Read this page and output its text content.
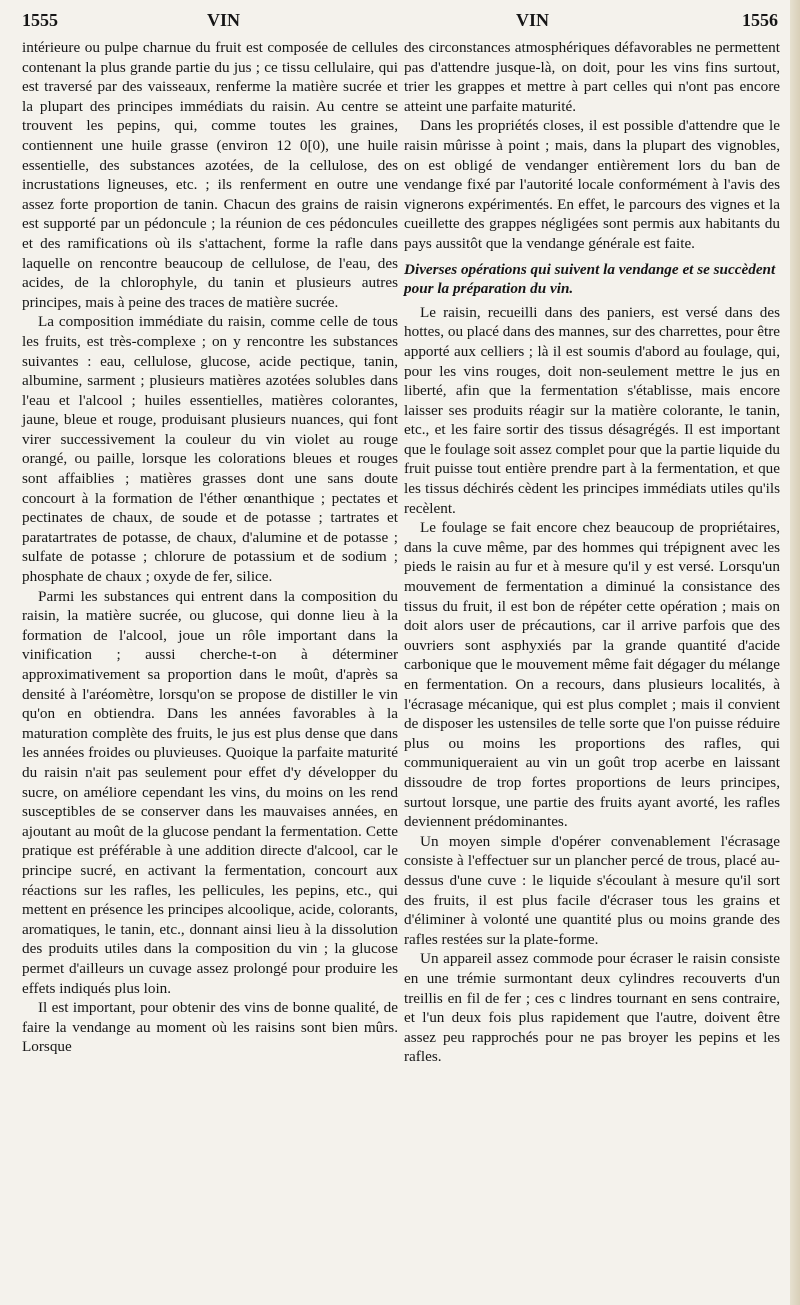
1555	VIN	VIN	1556

intérieure ou pulpe charnue du fruit est composée de cellules contenant la plus grande partie du jus ; ce tissu cellulaire, qui est traversé par des vaisseaux, renferme la matière sucrée et la plupart des principes immédiats du raisin. Au centre se trouvent les pepins, qui, comme toutes les graines, contiennent une huile grasse (environ 12 0[0), une huile essentielle, des substances azotées, de la cellulose, des incrustations ligneuses, etc. ; ils renferment en outre une assez forte proportion de tanin. Chacun des grains de raisin est supporté par un pédoncule ; la réunion de ces pédoncules et des ramifications où ils s'attachent, forme la rafle dans laquelle on rencontre beaucoup de cellulose, de l'eau, des acides, de la chlorophyle, du tanin et plusieurs autres principes, mais à peine des traces de matière sucrée.

La composition immédiate du raisin, comme celle de tous les fruits, est très-complexe ; on y rencontre les substances suivantes : eau, cellulose, glucose, acide pectique, tanin, albumine, sarment ; plusieurs matières azotées solubles dans l'eau et l'alcool ; huiles essentielles, matières colorantes, jaune, bleue et rouge, produisant plusieurs nuances, qui font virer successivement la couleur du vin violet au rouge orangé, ou paille, lorsque les colorations bleues et rouges sont affaiblies ; matières grasses dont une sans doute concourt à la formation de l'éther œnanthique ; pectates et pectinates de chaux, de soude et de potasse ; tartrates et paratartrates de potasse, de chaux, d'alumine et de potasse ; sulfate de potasse ; chlorure de potassium et de sodium ; phosphate de chaux ; oxyde de fer, silice.

Parmi les substances qui entrent dans la composition du raisin, la matière sucrée, ou glucose, qui donne lieu à la formation de l'alcool, joue un rôle important dans la vinification ; aussi cherche-t-on à déterminer approximativement sa proportion dans le moût, d'après sa densité à l'aréomètre, lorsqu'on se propose de distiller le vin qu'on en obtiendra. Dans les années favorables à la maturation complète des fruits, le jus est plus dense que dans les années froides ou pluvieuses. Quoique la parfaite maturité du raisin n'ait pas seulement pour effet d'y développer du sucre, on améliore cependant les vins, du moins on les rend susceptibles de se conserver dans les mauvaises années, en ajoutant au moût de la glucose pendant la fermentation. Cette pratique est préférable à une addition directe d'alcool, car le principe sucré, en activant la fermentation, concourt aux réactions sur les rafles, les pellicules, les pepins, etc., qui mettent en présence les principes alcoolique, acide, colorants, aromatiques, le tanin, etc., donnant ainsi lieu à la dissolution des produits utiles dans la composition du vin ; la glucose permet d'ailleurs un cuvage assez prolongé pour produire les effets indiqués plus loin.

Il est important, pour obtenir des vins de bonne qualité, de faire la vendange au moment où les raisins sont bien mûrs. Lorsque

des circonstances atmosphériques défavorables ne permettent pas d'attendre jusque-là, on doit, pour les vins fins surtout, trier les grappes et mettre à part celles qui n'ont pas encore atteint une parfaite maturité.

Dans les propriétés closes, il est possible d'attendre que le raisin mûrisse à point ; mais, dans la plupart des vignobles, on est obligé de vendanger entièrement lors du ban de vendange fixé par l'autorité locale conformément à l'avis des vignerons expérimentés. En effet, le parcours des vignes et la cueillette des grappes négligées sont permis aux habitants du pays aussitôt que la vendange générale est faite.

Diverses opérations qui suivent la vendange et se succèdent pour la préparation du vin.

Le raisin, recueilli dans des paniers, est versé dans des hottes, ou placé dans des mannes, sur des charrettes, pour être apporté aux celliers ; là il est soumis d'abord au foulage, qui, pour les vins rouges, doit non-seulement mettre le jus en liberté, afin que la fermentation s'établisse, mais encore laisser ses produits réagir sur la matière colorante, le tanin, etc., et les faire sortir des tissus désagrégés. Il est important que le foulage soit assez complet pour que la partie liquide du fruit puisse tout entière prendre part à la fermentation, et que les tissus déchirés cèdent les principes immédiats utiles qu'ils recèlent.

Le foulage se fait encore chez beaucoup de propriétaires, dans la cuve même, par des hommes qui trépignent avec les pieds le raisin au fur et à mesure qu'il y est versé. Lorsqu'un mouvement de fermentation a diminué la consistance des tissus du fruit, il est bon de répéter cette opération ; mais on doit alors user de précautions, car il arrive parfois que des ouvriers sont asphyxiés par la grande quantité d'acide carbonique que le mouvement même fait dégager du mélange en fermentation. On a recours, dans plusieurs localités, à l'écrasage mécanique, qui est plus complet ; mais il convient de disposer les ustensiles de telle sorte que l'on puisse réduire plus ou moins les proportions des rafles, qui communiqueraient au vin un goût trop acerbe en laissant dissoudre de trop fortes proportions de leurs principes, surtout lorsque, une partie des fruits ayant avorté, les rafles deviennent prédominantes.

Un moyen simple d'opérer convenablement l'écrasage consiste à l'effectuer sur un plancher percé de trous, placé au-dessus d'une cuve : le liquide s'écoulant à mesure qu'il sort des fruits, il est plus facile d'écraser tous les grains et d'éliminer à volonté une quantité plus ou moins grande des rafles restées sur la plate-forme.

Un appareil assez commode pour écraser le raisin consiste en une trémie surmontant deux cylindres recouverts d'un treillis en fil de fer ; ces c lindres tournant en sens contraire, et l'un deux fois plus rapidement que l'autre, doivent être assez peu rapprochés pour ne pas broyer les pepins et les rafles.
